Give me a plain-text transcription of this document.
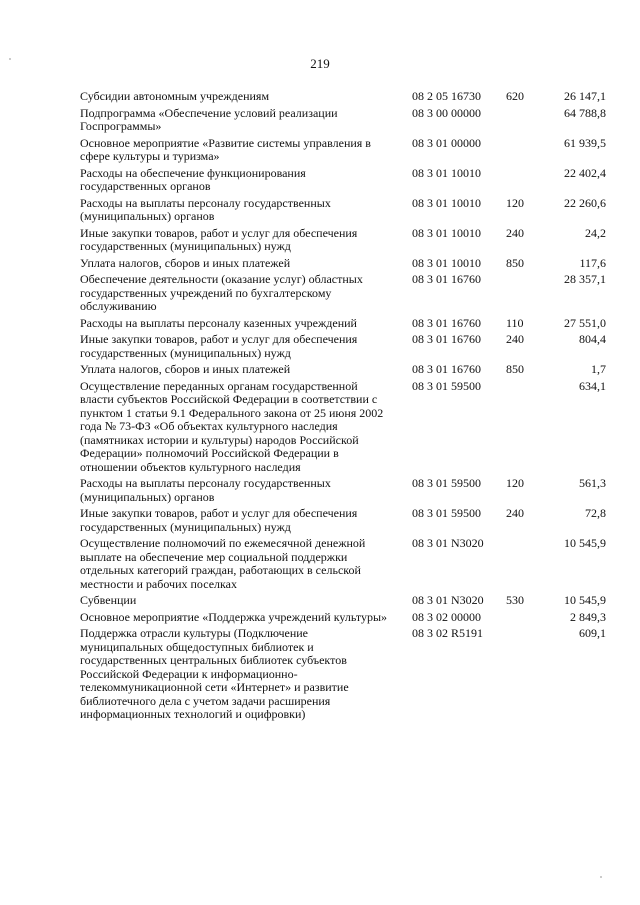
219
Субсидии автономным учреждениям	08 2 05 16730	620	26 147,1
Подпрограмма «Обеспечение условий реализации Госпрограммы»	08 3 00 00000		64 788,8
Основное мероприятие «Развитие системы управления в сфере культуры и туризма»	08 3 01 00000		61 939,5
Расходы на обеспечение функционирования государственных органов	08 3 01 10010		22 402,4
Расходы на выплаты персоналу государственных (муниципальных) органов	08 3 01 10010	120	22 260,6
Иные закупки товаров, работ и услуг для обеспечения государственных (муниципальных) нужд	08 3 01 10010	240	24,2
Уплата налогов, сборов и иных платежей	08 3 01 10010	850	117,6
Обеспечение деятельности (оказание услуг) областных государственных учреждений по бухгалтерскому обслуживанию	08 3 01 16760		28 357,1
Расходы на выплаты персоналу казенных учреждений	08 3 01 16760	110	27 551,0
Иные закупки товаров, работ и услуг для обеспечения государственных (муниципальных) нужд	08 3 01 16760	240	804,4
Уплата налогов, сборов и иных платежей	08 3 01 16760	850	1,7
Осуществление переданных органам государственной власти субъектов Российской Федерации в соответствии с пунктом 1 статьи 9.1 Федерального закона от 25 июня 2002 года № 73-ФЗ «Об объектах культурного наследия (памятниках истории и культуры) народов Российской Федерации» полномочий Российской Федерации в отношении объектов культурного наследия	08 3 01 59500		634,1
Расходы на выплаты персоналу государственных (муниципальных) органов	08 3 01 59500	120	561,3
Иные закупки товаров, работ и услуг для обеспечения государственных (муниципальных) нужд	08 3 01 59500	240	72,8
Осуществление полномочий по ежемесячной денежной выплате на обеспечение мер социальной поддержки отдельных категорий граждан, работающих в сельской местности и рабочих поселках	08 3 01 N3020		10 545,9
Субвенции	08 3 01 N3020	530	10 545,9
Основное мероприятие «Поддержка учреждений культуры»	08 3 02 00000		2 849,3
Поддержка отрасли культуры (Подключение муниципальных общедоступных библиотек и государственных центральных библиотек субъектов Российской Федерации к информационно-телекоммуникационной сети «Интернет» и развитие библиотечного дела с учетом задачи расширения информационных технологий и оцифровки)	08 3 02 R5191		609,1
